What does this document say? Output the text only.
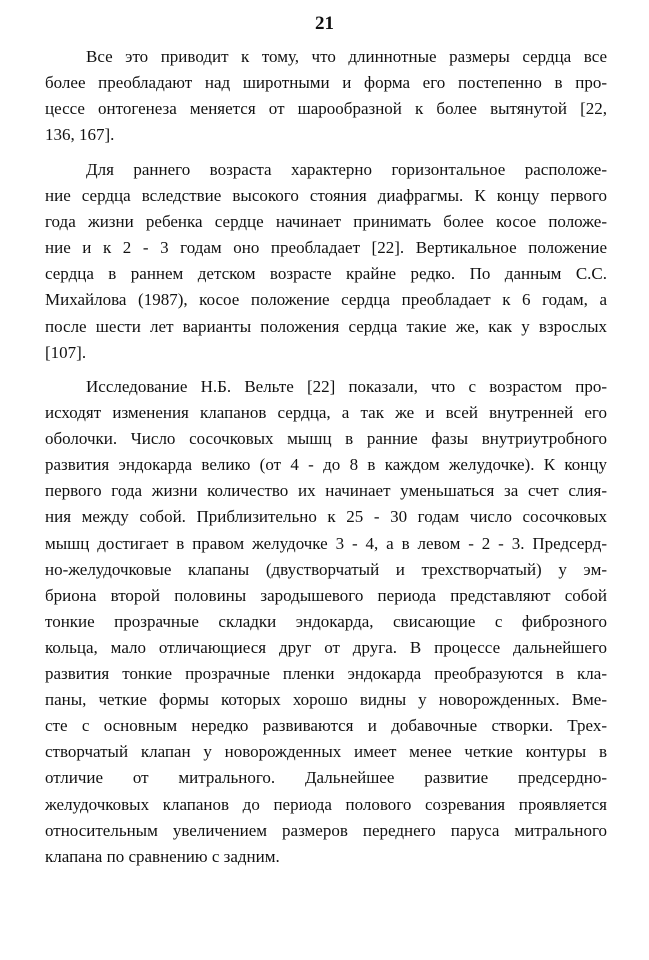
21
Все это приводит к тому, что длиннотные размеры сердца все
более преобладают над широтными и форма его постепенно в про-
цессе онтогенеза меняется от шарообразной к более вытянутой [22,
136, 167].
Для раннего возраста характерно горизонтальное расположе-
ние сердца вследствие высокого стояния диафрагмы. К концу первого
года жизни ребенка сердце начинает принимать более косое положе-
ние и к 2 - 3 годам оно преобладает [22]. Вертикальное положение
сердца в раннем детском возрасте крайне редко. По данным С.С.
Михайлова (1987), косое положение сердца преобладает к 6 годам, а
после шести лет варианты положения сердца такие же, как у взрослых
[107].
Исследование Н.Б. Вельте [22] показали, что с возрастом про-
исходят изменения клапанов сердца, а так же и всей внутренней его
оболочки. Число сосочковых мышц в ранние фазы внутриутробного
развития эндокарда велико (от 4 - до 8 в каждом желудочке). К концу
первого года жизни количество их начинает уменьшаться за счет слия-
ния между собой. Приблизительно к 25 - 30 годам число сосочковых
мышц достигает в правом желудочке 3 - 4, а в левом - 2 - 3. Предсерд-
но-желудочковые клапаны (двустворчатый и трехстворчатый) у эм-
бриона второй половины зародышевого периода представляют собой
тонкие прозрачные складки эндокарда, свисающие с фиброзного
кольца, мало отличающиеся друг от друга. В процессе дальнейшего
развития тонкие прозрачные пленки эндокарда преобразуются в кла-
паны, четкие формы которых хорошо видны у новорожденных. Вме-
сте с основным нередко развиваются и добавочные створки. Трех-
створчатый клапан у новорожденных имеет менее четкие контуры в
отличие от митрального. Дальнейшее развитие предсердно-
желудочковых клапанов до периода полового созревания проявляется
относительным увеличением размеров переднего паруса митрального
клапана по сравнению с задним.
